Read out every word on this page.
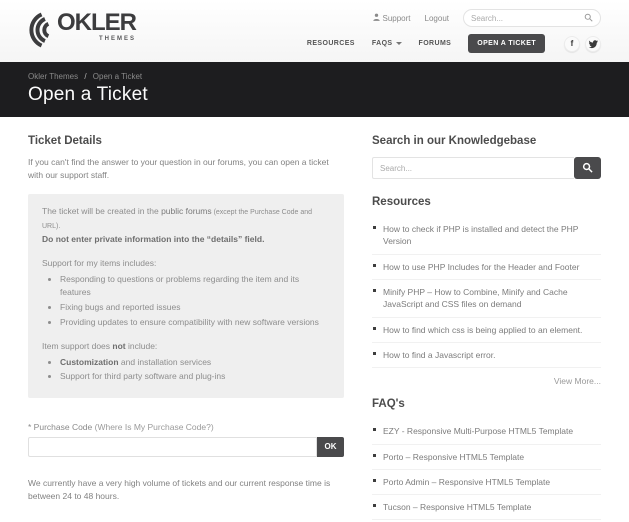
OKLER
THEMES
Support Logout
Search...
RESOURCES FAQS	FORUMS	OPEN A TICKET	f
Okler Themes / Open a Ticket
Open a Ticket
Ticket Details

If you can't find the answer to your question in our forums, you can open a ticket with our support staff.

The ticket will be created in the public forums (except the Purchase Code and URL).
Do not enter private information into the “details” field.
Support for my items includes:
• Responding to questions or problems regarding the item and its features
• Fixing bugs and reported issues
• Providing updates to ensure compatibility with new software versions
Item support does not include:
• Customization and installation services
• Support for third party software and plug-ins
* Purchase Code (Where Is My Purchase Code?)
OK

We currently have a very high volume of tickets and our current response time is between 24 to 48 hours.

Search in our Knowledgebase
Search...
Resources
How to check if PHP is installed and detect the PHP Version
How to use PHP Includes for the Header and Footer
Minify PHP – How to Combine, Minify and Cache JavaScript and CSS files on demand
How to find which css is being applied to an element.
How to find a Javascript error.
View More...
FAQ's
EZY - Responsive Multi-Purpose HTML5 Template
Porto – Responsive HTML5 Template
Porto Admin – Responsive HTML5 Template
Tucson – Responsive HTML5 Template
